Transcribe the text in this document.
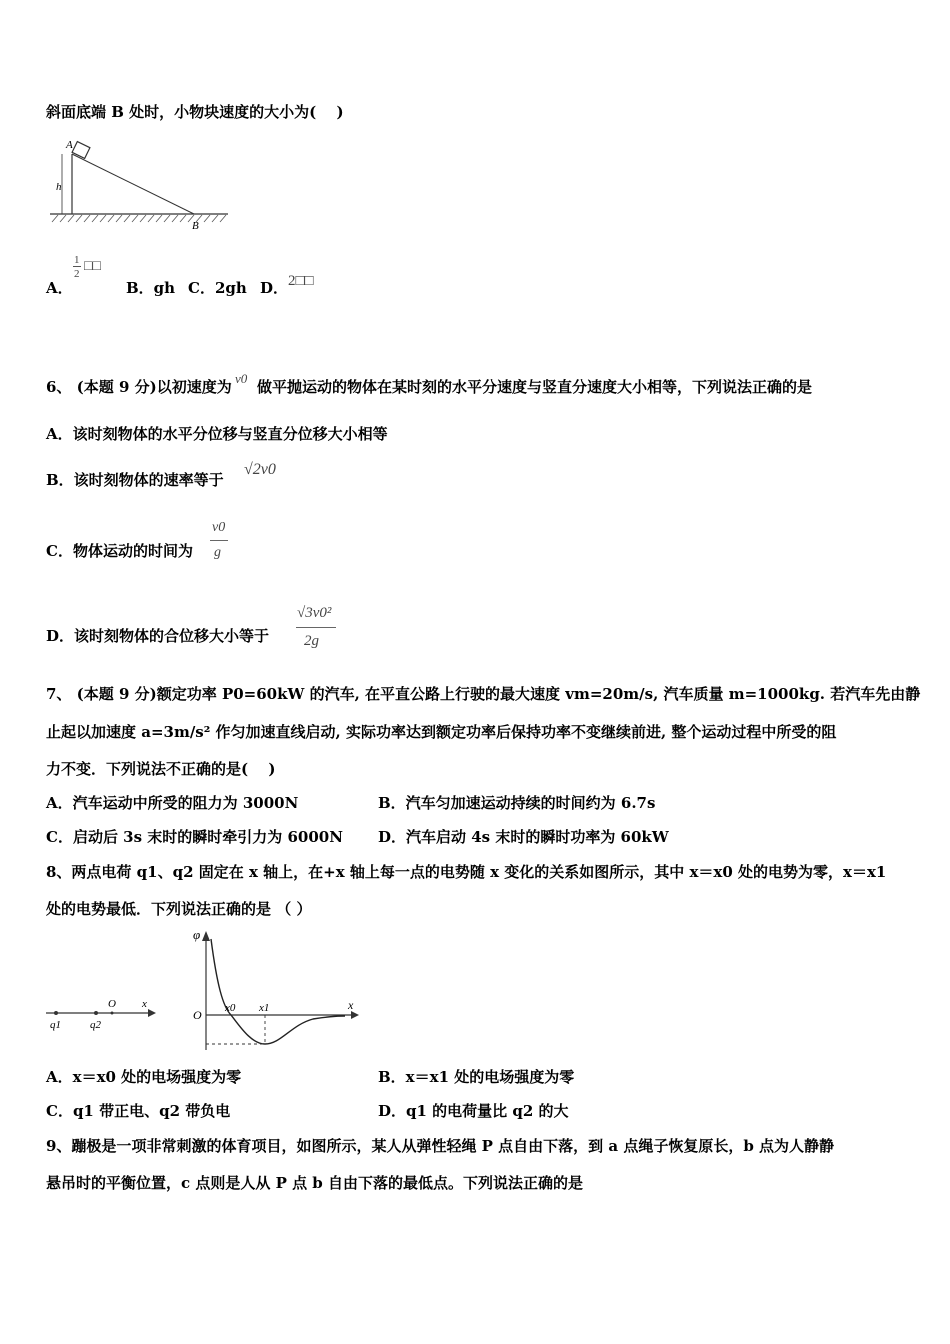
斜面底端 B 处时，小物块速度的大小为(　 )
A
h
B
A．
1
2 □□
B．gh C．2gh D． 2□□
6、 (本题 9 分)以初速度为 v0 做平抛运动的物体在某时刻的水平分速度与竖直分速度大小相等，下列说法正确的是
A．该时刻物体的水平分位移与竖直分位移大小相等
B．该时刻物体的速率等于
√2v0
C．物体运动的时间为
v0
g
D．该时刻物体的合位移大小等于
√3v0²
2g
7、 (本题 9 分)额定功率 P0=60kW 的汽车, 在平直公路上行驶的最大速度 vm=20m/s, 汽车质量 m=1000kg. 若汽车先由静
止起以加速度 a=3m/s² 作匀加速直线启动, 实际功率达到额定功率后保持功率不变继续前进, 整个运动过程中所受的阻
力不变．下列说法不正确的是(　 )
A．汽车运动中所受的阻力为 3000N	B．汽车匀加速运动持续的时间约为 6.7s
C．启动后 3s 末时的瞬时牵引力为 6000N D．汽车启动 4s 末时的瞬时功率为 60kW
8、两点电荷 q1、q2 固定在 x 轴上，在+x 轴上每一点的电势随 x 变化的关系如图所示，其中 x＝x0 处的电势为零，x＝x1
处的电势最低．下列说法正确的是 （ ）
q1	q2
O x
φ
O x0 x1	x
A．x＝x0 处的电场强度为零	B．x＝x1 处的电场强度为零
C．q1 带正电、q2 带负电	D．q1 的电荷量比 q2 的大
9、蹦极是一项非常刺激的体育项目，如图所示，某人从弹性轻绳 P 点自由下落，到 a 点绳子恢复原长，b 点为人静静
悬吊时的平衡位置，c 点则是人从 P 点 b 自由下落的最低点。下列说法正确的是
